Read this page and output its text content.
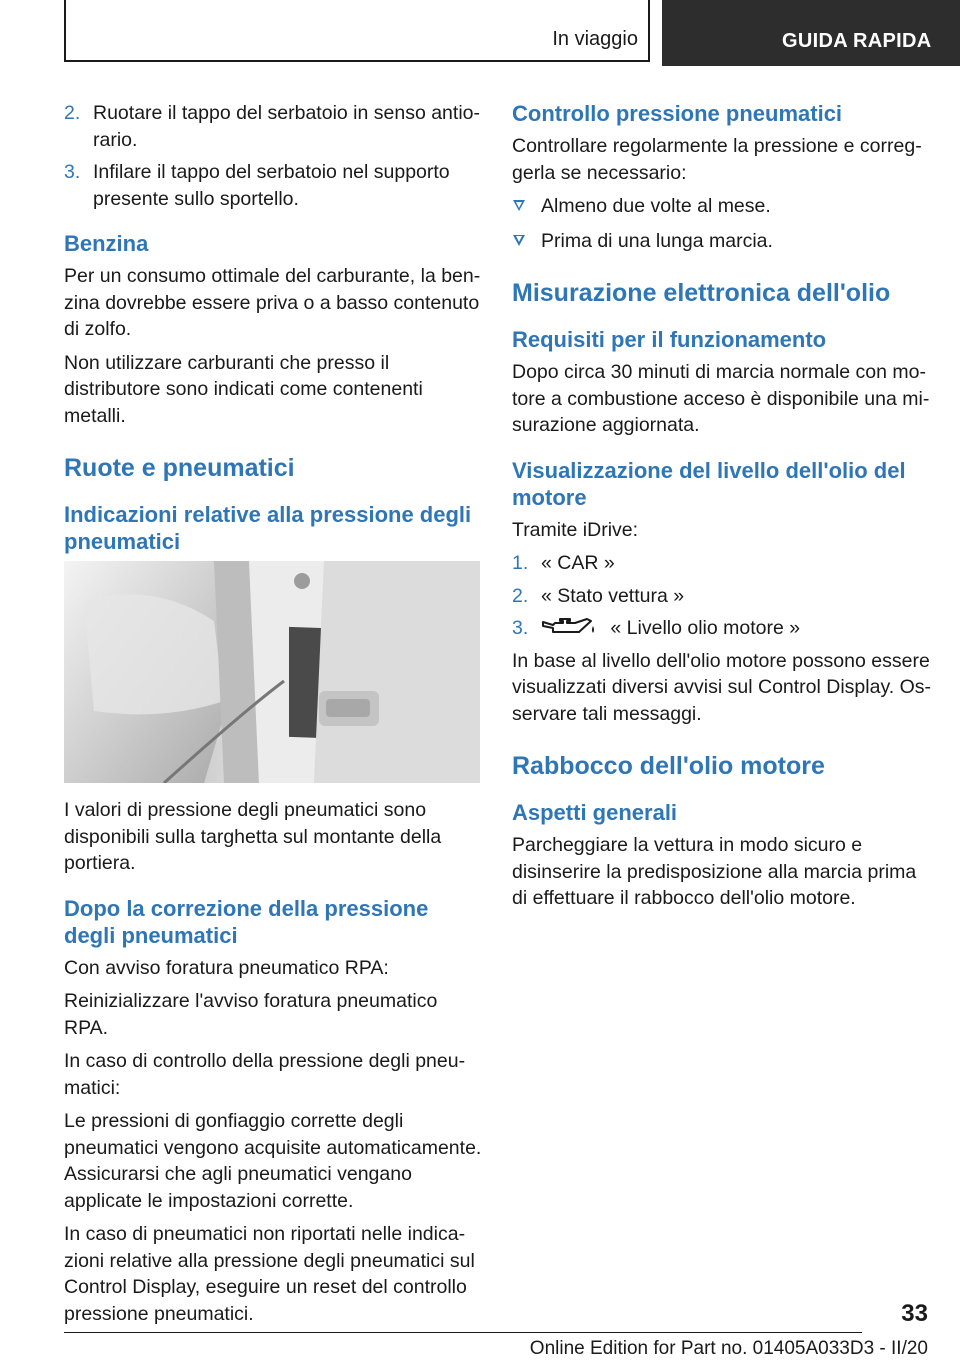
In viaggio	GUIDA RAPIDA
2. Ruotare il tappo del serbatoio in senso antiorario.
3. Infilare il tappo del serbatoio nel supporto presente sullo sportello.
Benzina

Per un consumo ottimale del carburante, la benzina dovrebbe essere priva o a basso contenuto di zolfo.

Non utilizzare carburanti che presso il distributore sono indicati come contenenti metalli.

Ruote e pneumatici
Indicazioni relative alla pressione degli pneumatici

I valori di pressione degli pneumatici sono disponibili sulla targhetta sul montante della portiera.

Dopo la correzione della pressione degli pneumatici

Con avviso foratura pneumatico RPA:

Reinizializzare l'avviso foratura pneumatico RPA.

In caso di controllo della pressione degli pneumatici:

Le pressioni di gonfiaggio corrette degli pneumatici vengono acquisite automaticamente. Assicurarsi che agli pneumatici vengano applicate le impostazioni corrette.

In caso di pneumatici non riportati nelle indicazioni relative alla pressione degli pneumatici sul Control Display, eseguire un reset del controllo pressione pneumatici.

Controllo pressione pneumatici

Controllare regolarmente la pressione e correggerla se necessario:

Almeno due volte al mese.
Prima di una lunga marcia.
Misurazione elettronica dell'olio
Requisiti per il funzionamento

Dopo circa 30 minuti di marcia normale con motore a combustione acceso è disponibile una misurazione aggiornata.

Visualizzazione del livello dell'olio del motore

Tramite iDrive:

1. « CAR »
2. « Stato vettura »
3.	« Livello olio motore »

In base al livello dell'olio motore possono essere visualizzati diversi avvisi sul Control Display. Osservare tali messaggi.

Rabbocco dell'olio motore
Aspetti generali

Parcheggiare la vettura in modo sicuro e disinserire la predisposizione alla marcia prima di effettuare il rabbocco dell'olio motore.

33
Online Edition for Part no. 01405A033D3 - II/20
